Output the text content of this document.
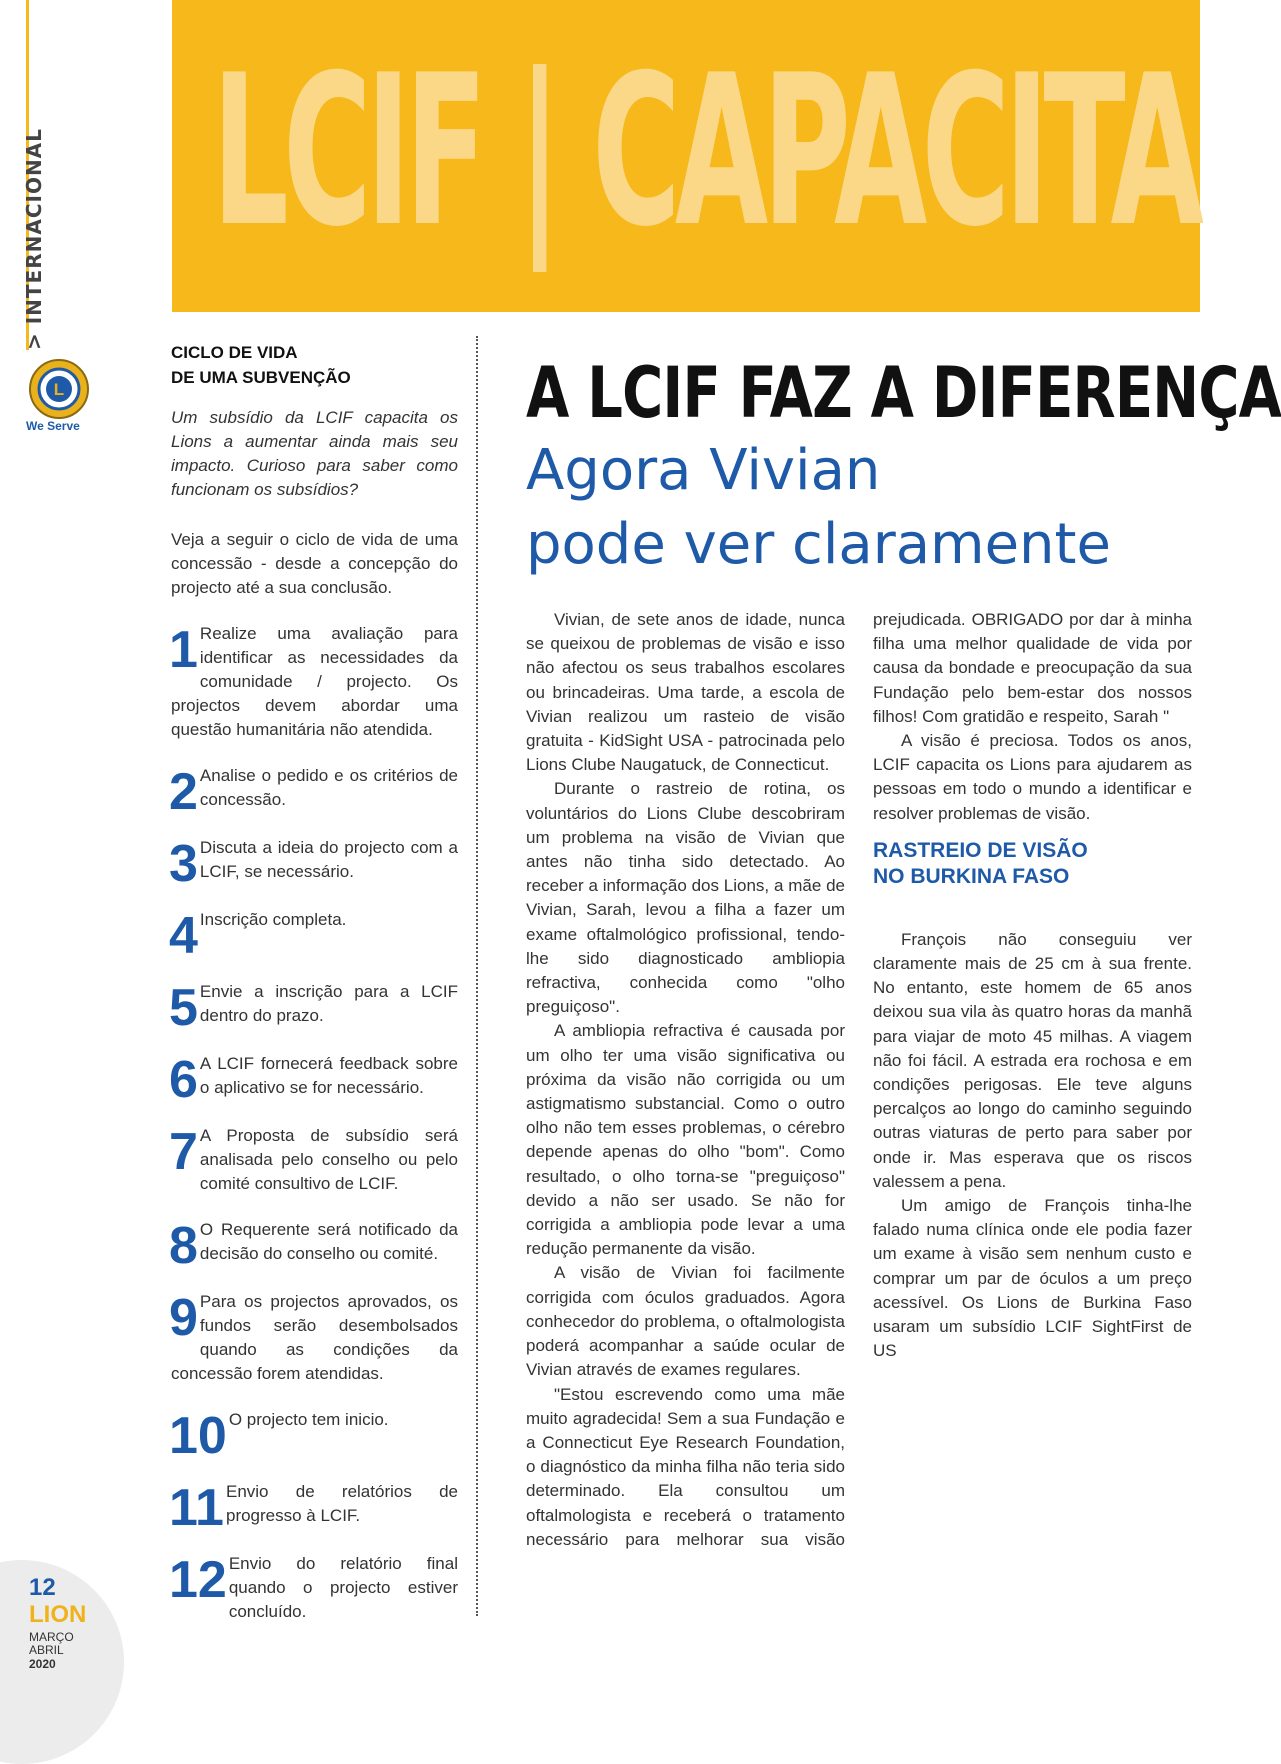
> INTERNACIONAL
L
We Serve
LCIF | CAPACITA
CICLO DE VIDA
DE UMA SUBVENÇÃO

Um subsídio da LCIF capacita os Lions a aumentar ainda mais seu impacto. Curioso para saber como funcionam os subsídios?

Veja a seguir o ciclo de vida de uma concessão - desde a concepção do projecto até a sua conclusão.

1 Realize uma avaliação para identificar as necessidades da comunidade / projecto. Os projectos devem abordar uma questão humanitária não atendida.
2 Analise o pedido e os critérios de concessão.
3 Discuta a ideia do projecto com a LCIF, se necessário.
4 Inscrição completa.
5 Envie a inscrição para a LCIF dentro do prazo.
6 A LCIF fornecerá feedback sobre o aplicativo se for necessário.
7 A Proposta de subsídio será analisada pelo conselho ou pelo comité consultivo de LCIF.
8 O Requerente será notificado da decisão do conselho ou comité.
9 Para os projectos aprovados, os fundos serão desembolsados quando as condições da concessão forem atendidas.
10 O projecto tem inicio.
11 Envio de relatórios de progresso à LCIF.
12 Envio do relatório final quando o projecto estiver concluído.
A LCIF FAZ A DIFERENÇA
Agora Vivian
pode ver claramente

Vivian, de sete anos de idade, nunca se queixou de problemas de visão e isso não afectou os seus trabalhos escolares ou brincadeiras. Uma tarde, a escola de Vivian realizou um rasteio de visão gratuita - KidSight USA - patrocinada pelo Lions Clube Naugatuck, de Connecticut.

Durante o rastreio de rotina, os voluntários do Lions Clube descobriram um problema na visão de Vivian que antes não tinha sido detectado. Ao receber a informação dos Lions, a mãe de Vivian, Sarah, levou a filha a fazer um exame oftalmológico profissional, tendo-lhe sido diagnosticado ambliopia refractiva, conhecida como "olho preguiçoso".

A ambliopia refractiva é causada por um olho ter uma visão significativa ou próxima da visão não corrigida ou um astigmatismo substancial. Como o outro olho não tem esses problemas, o cérebro depende apenas do olho "bom". Como resultado, o olho torna-se "preguiçoso" devido a não ser usado. Se não for corrigida a ambliopia pode levar a uma redução permanente da visão.

A visão de Vivian foi facilmente corrigida com óculos graduados. Agora conhecedor do problema, o oftalmologista poderá acompanhar a saúde ocular de Vivian através de exames regulares.

"Estou escrevendo como uma mãe muito agradecida! Sem a sua Fundação e a Connecticut Eye Research Foundation, o diagnóstico da minha filha não teria sido determinado. Ela consultou um oftalmologista e receberá o tratamento necessário para melhorar sua visão prejudicada. OBRIGADO por dar à minha filha uma melhor qualidade de vida por causa da bondade e preocupação da sua Fundação pelo bem-estar dos nossos filhos! Com gratidão e respeito, Sarah "

A visão é preciosa. Todos os anos, LCIF capacita os Lions para ajudarem as pessoas em todo o mundo a identificar e resolver problemas de visão.

RASTREIO DE VISÃO
NO BURKINA FASO

François não conseguiu ver claramente mais de 25 cm à sua frente. No entanto, este homem de 65 anos deixou sua vila às quatro horas da manhã para viajar de moto 45 milhas. A viagem não foi fácil. A estrada era rochosa e em condições perigosas. Ele teve alguns percalços ao longo do caminho seguindo outras viaturas de perto para saber por onde ir. Mas esperava que os riscos valessem a pena.

Um amigo de François tinha-lhe falado numa clínica onde ele podia fazer um exame à visão sem nenhum custo e comprar um par de óculos a um preço acessível. Os Lions de Burkina Faso usaram um subsídio LCIF SightFirst de US

12
LION
MARÇO
ABRIL
2020
